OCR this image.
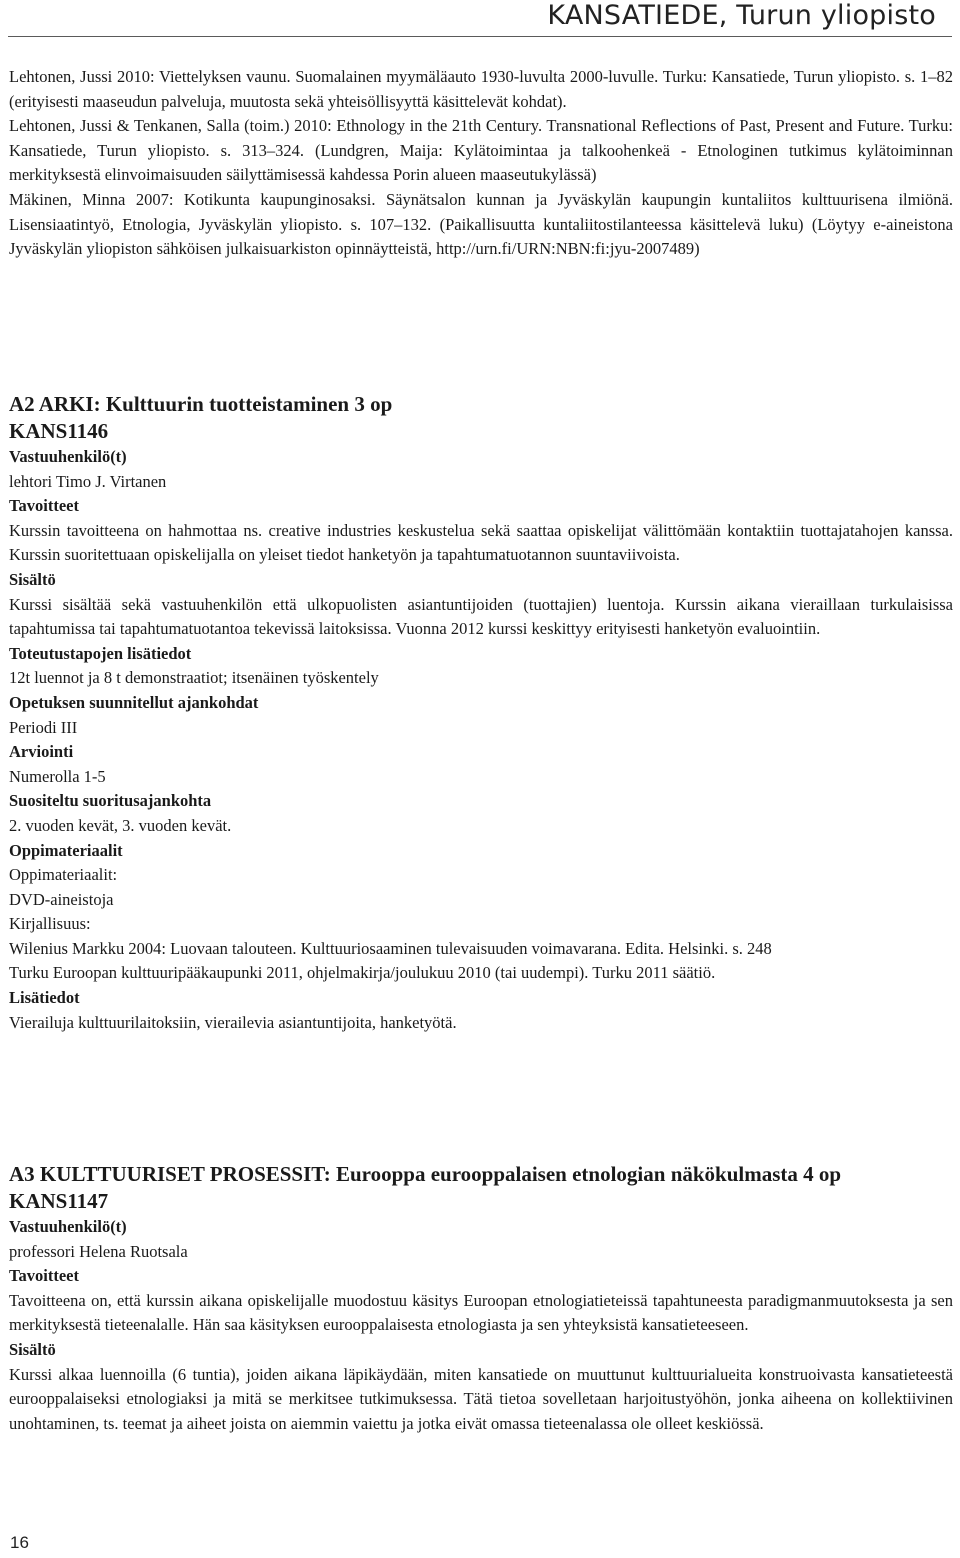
KANSATIEDE, Turun yliopisto

Lehtonen, Jussi 2010: Viettelyksen vaunu. Suomalainen myymäläauto 1930-luvulta 2000-luvulle. Turku: Kansatiede, Turun yliopisto. s. 1–82 (erityisesti maaseudun palveluja, muutosta sekä yhteisöllisyyttä käsittelevät kohdat).

Lehtonen, Jussi & Tenkanen, Salla (toim.) 2010: Ethnology in the 21th Century. Transnational Reflections of Past, Present and Future. Turku: Kansatiede, Turun yliopisto. s. 313–324. (Lundgren, Maija: Kylätoimintaa ja talkoohenkeä - Etnologinen tutkimus kylätoiminnan merkityksestä elinvoimaisuuden säilyttämisessä kahdessa Porin alueen maaseutukylässä)

Mäkinen, Minna 2007: Kotikunta kaupunginosaksi. Säynätsalon kunnan ja Jyväskylän kaupungin kuntaliitos kulttuurisena ilmiönä. Lisensiaatintyö, Etnologia, Jyväskylän yliopisto. s. 107–132. (Paikallisuutta kuntaliitostilanteessa käsittelevä luku) (Löytyy e-aineistona Jyväskylän yliopiston sähköisen julkaisuarkiston opinnäytteistä, http://urn.fi/URN:NBN:fi:jyu-2007489)

A2 ARKI: Kulttuurin tuotteistaminen 3 op

KANS1146

Vastuuhenkilö(t)

lehtori Timo J. Virtanen

Tavoitteet

Kurssin tavoitteena on hahmottaa ns. creative industries keskustelua sekä saattaa opiskelijat välittömään kontaktiin tuottajatahojen kanssa. Kurssin suoritettuaan opiskelijalla on yleiset tiedot hanketyön ja tapahtumatuotannon suuntaviivoista.

Sisältö

Kurssi sisältää sekä vastuuhenkilön että ulkopuolisten asiantuntijoiden (tuottajien) luentoja. Kurssin aikana vieraillaan turkulaisissa tapahtumissa tai tapahtumatuotantoa tekevissä laitoksissa. Vuonna 2012 kurssi keskittyy erityisesti hanketyön evaluointiin.

Toteutustapojen lisätiedot

12t luennot ja 8 t demonstraatiot; itsenäinen työskentely

Opetuksen suunnitellut ajankohdat

Periodi III

Arviointi

Numerolla 1-5

Suositeltu suoritusajankohta

2. vuoden kevät, 3. vuoden kevät.

Oppimateriaalit

Oppimateriaalit:

DVD-aineistoja

Kirjallisuus:

Wilenius Markku 2004: Luovaan talouteen. Kulttuuriosaaminen tulevaisuuden voimavarana. Edita. Helsinki. s. 248

Turku Euroopan kulttuuripääkaupunki 2011, ohjelmakirja/joulukuu 2010 (tai uudempi). Turku 2011 säätiö.

Lisätiedot

Vierailuja kulttuurilaitoksiin, vierailevia asiantuntijoita, hanketyötä.

A3 KULTTUURISET PROSESSIT: Eurooppa eurooppalaisen etnologian näkökulmasta 4 op

KANS1147

Vastuuhenkilö(t)

professori Helena Ruotsala

Tavoitteet

Tavoitteena on, että kurssin aikana opiskelijalle muodostuu käsitys Euroopan etnologiatieteissä tapahtuneesta paradigmanmuutoksesta ja sen merkityksestä tieteenalalle. Hän saa käsityksen eurooppalaisesta etnologiasta ja sen yhteyksistä kansatieteeseen.

Sisältö

Kurssi alkaa luennoilla (6 tuntia), joiden aikana läpikäydään, miten kansatiede on muuttunut kulttuurialueita konstruoivasta kansatieteestä eurooppalaiseksi etnologiaksi ja mitä se merkitsee tutkimuksessa. Tätä tietoa sovelletaan harjoitustyöhön, jonka aiheena on kollektiivinen unohtaminen, ts. teemat ja aiheet joista on aiemmin vaiettu ja jotka eivät omassa tieteenalassa ole olleet keskiössä.

16
